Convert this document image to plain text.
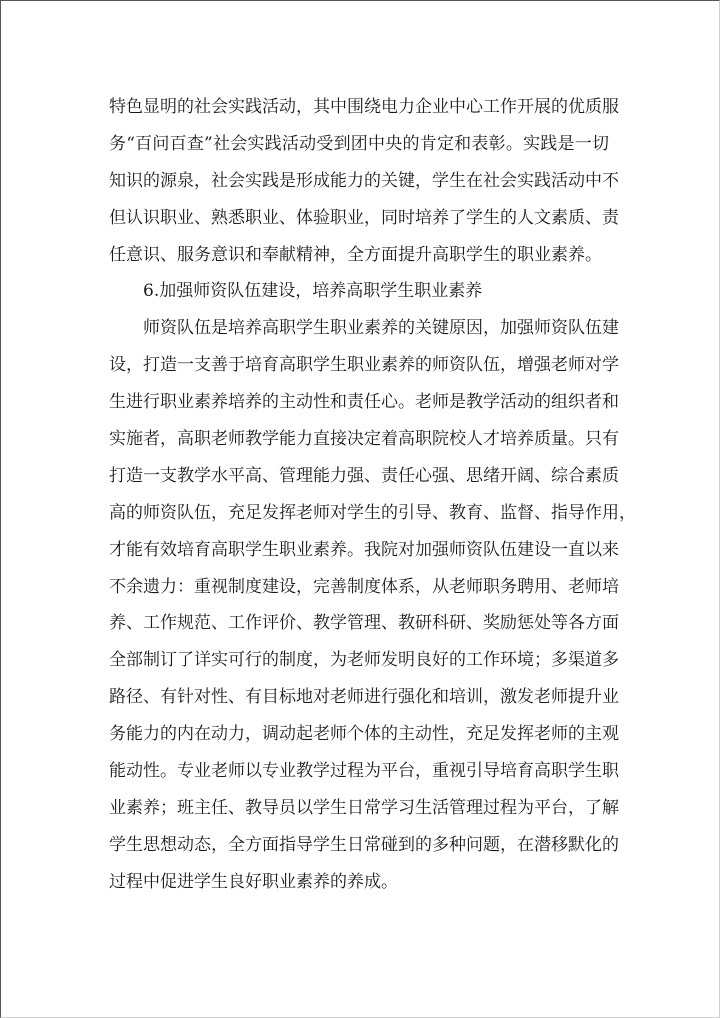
特色显明的社会实践活动，其中围绕电力企业中心工作开展的优质服
务“百问百查”社会实践活动受到团中央的肯定和表彰。实践是一切
知识的源泉，社会实践是形成能力的关键，学生在社会实践活动中不
但认识职业、熟悉职业、体验职业，同时培养了学生的人文素质、责
任意识、服务意识和奉献精神，全方面提升高职学生的职业素养。
6.加强师资队伍建设，培养高职学生职业素养
师资队伍是培养高职学生职业素养的关键原因，加强师资队伍建
设，打造一支善于培育高职学生职业素养的师资队伍，增强老师对学
生进行职业素养培养的主动性和责任心。老师是教学活动的组织者和
实施者，高职老师教学能力直接决定着高职院校人才培养质量。只有
打造一支教学水平高、管理能力强、责任心强、思绪开阔、综合素质
高的师资队伍，充足发挥老师对学生的引导、教育、监督、指导作用，
才能有效培育高职学生职业素养。我院对加强师资队伍建设一直以来
不余遗力：重视制度建设，完善制度体系，从老师职务聘用、老师培
养、工作规范、工作评价、教学管理、教研科研、奖励惩处等各方面
全部制订了详实可行的制度，为老师发明良好的工作环境；多渠道多
路径、有针对性、有目标地对老师进行强化和培训，激发老师提升业
务能力的内在动力，调动起老师个体的主动性，充足发挥老师的主观
能动性。专业老师以专业教学过程为平台，重视引导培育高职学生职
业素养；班主任、教导员以学生日常学习生活管理过程为平台，了解
学生思想动态，全方面指导学生日常碰到的多种问题，在潜移默化的
过程中促进学生良好职业素养的养成。
